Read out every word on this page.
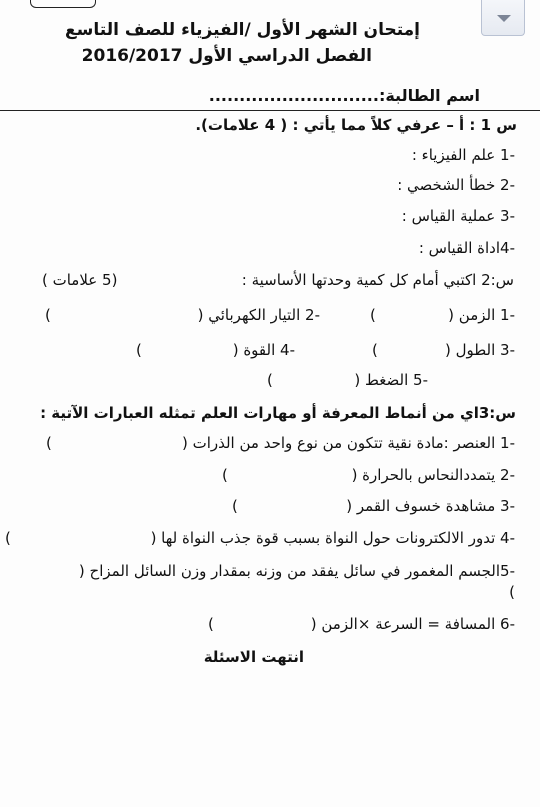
إمتحان الشهر الأول /الفيزياء للصف التاسع
الفصل الدراسي الأول 2016/2017
اسم الطالبة:............................
س 1 : أ – عرفي كلاً مما يأتي : ( 4 علامات).
-1 علم الفيزياء :
-2 خطأ الشخصي :
-3 عملية القياس :
-4اداة القياس :
س:2 اكتبي أمام كل كمية وحدتها الأساسية :
(5 علامات )
-1 الزمن (
)
-2 التيار الكهربائي (
)
-3 الطول (
)
-4 القوة (
)
-5 الضغط (
)
س:3اي من أنماط المعرفة أو مهارات العلم تمثله العبارات الآتية :
-1 العنصر :مادة نقية تتكون من نوع واحد من الذرات (
)
-2 يتمددالنحاس بالحرارة (
)
-3 مشاهدة خسوف القمر (
)
-4 تدور الالكترونات حول النواة بسبب قوة جذب النواة لها (
)
-5الجسم المغمور في سائل يفقد من وزنه بمقدار وزن السائل المزاح (
)
-6 المسافة = السرعة ×الزمن (
)
انتهت الاسئلة
